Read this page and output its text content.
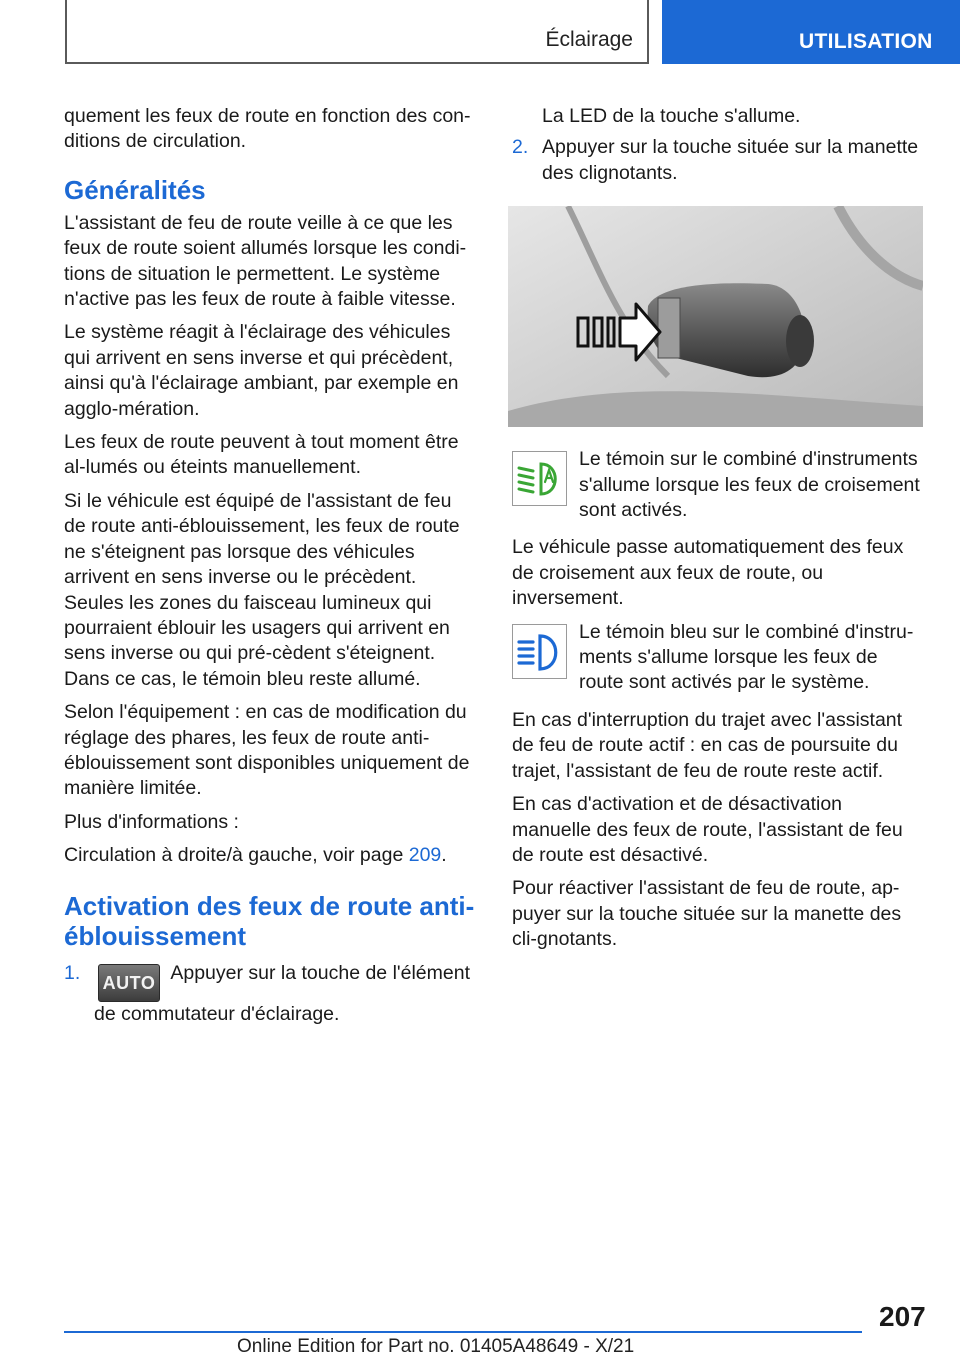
Éclairage	UTILISATION

quement les feux de route en fonction des con-ditions de circulation.

Généralités

L'assistant de feu de route veille à ce que les feux de route soient allumés lorsque les condi-tions de situation le permettent. Le système n'active pas les feux de route à faible vitesse.

Le système réagit à l'éclairage des véhicules qui arrivent en sens inverse et qui précèdent, ainsi qu'à l'éclairage ambiant, par exemple en agglo-mération.

Les feux de route peuvent à tout moment être al-lumés ou éteints manuellement.

Si le véhicule est équipé de l'assistant de feu de route anti-éblouissement, les feux de route ne s'éteignent pas lorsque des véhicules arrivent en sens inverse ou le précèdent. Seules les zones du faisceau lumineux qui pourraient éblouir les usagers qui arrivent en sens inverse ou qui pré-cèdent s'éteignent. Dans ce cas, le témoin bleu reste allumé.

Selon l'équipement : en cas de modification du réglage des phares, les feux de route anti-éblouissement sont disponibles uniquement de manière limitée.

Plus d'informations :

Circulation à droite/à gauche, voir page 209.

Activation des feux de route anti-éblouissement
1. AUTO Appuyer sur la touche de l'élément de commutateur d'éclairage.

La LED de la touche s'allume.

2. Appuyer sur la touche située sur la manette des clignotants.

Le témoin sur le combiné d'instruments s'allume lorsque les feux de croisement sont activés.

Le véhicule passe automatiquement des feux de croisement aux feux de route, ou inversement.

Le témoin bleu sur le combiné d'instru-ments s'allume lorsque les feux de route sont activés par le système.

En cas d'interruption du trajet avec l'assistant de feu de route actif : en cas de poursuite du trajet, l'assistant de feu de route reste actif.

En cas d'activation et de désactivation manuelle des feux de route, l'assistant de feu de route est désactivé.

Pour réactiver l'assistant de feu de route, ap-puyer sur la touche située sur la manette des cli-gnotants.

207
Online Edition for Part no. 01405A48649 - X/21
